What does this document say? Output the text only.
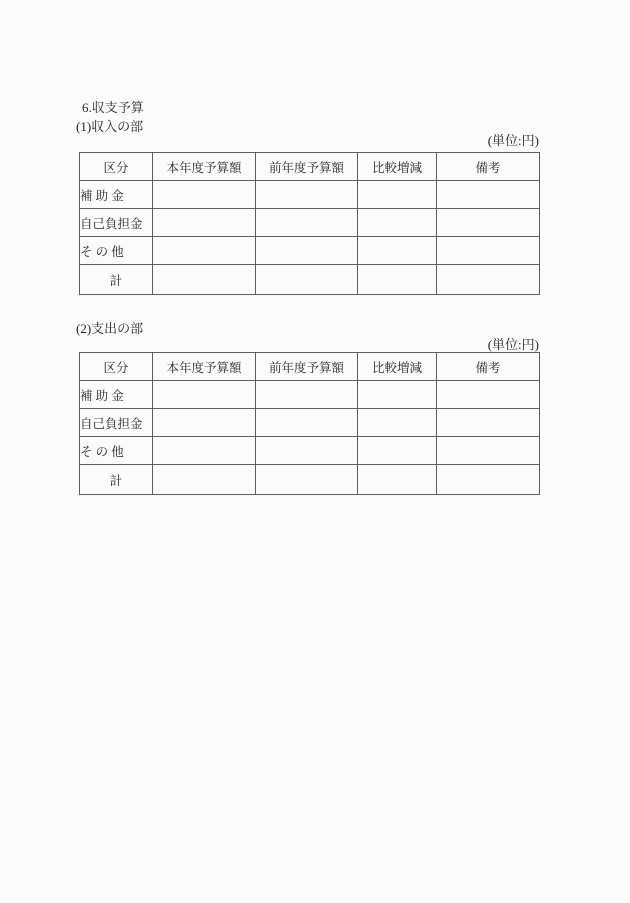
6.収支予算
(1)収入の部
(単位:円)
区分	本年度予算額	前年度予算額	比較増減	備考
補 助 金				
自己負担金				
そ の 他				
計				
(2)支出の部
(単位:円)
区分	本年度予算額	前年度予算額	比較増減	備考
補 助 金				
自己負担金				
そ の 他				
計				
